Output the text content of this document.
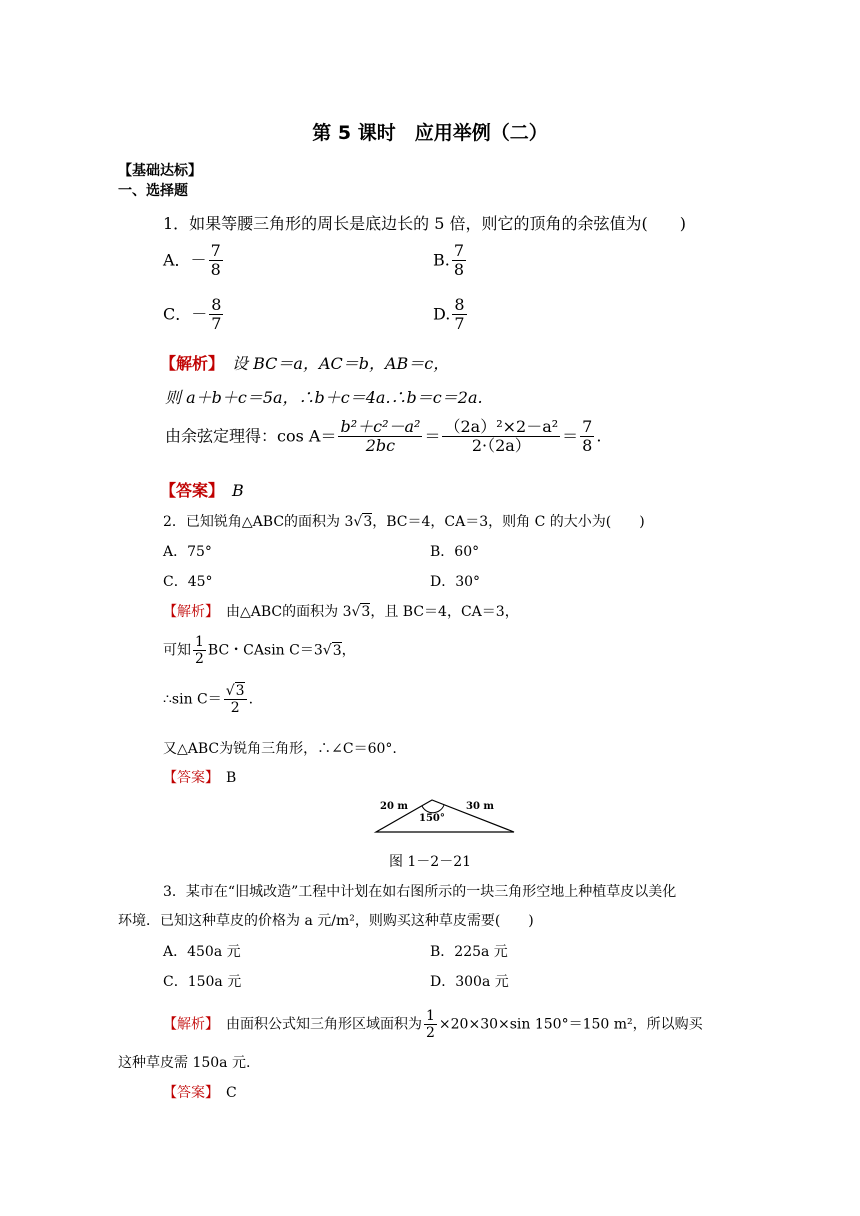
第 5 课时　应用举例（二）
【基础达标】
一、选择题
1．如果等腰三角形的周长是底边长的 5 倍，则它的顶角的余弦值为(　　)
A．－ $\frac{7}{8}$	B. $\frac{7}{8}$
C．－ $\frac{8}{7}$	D. $\frac{8}{7}$
【解析】　 设 BC＝a，AC＝b，AB＝c，
则 a＋b＋c＝5a，∴b＋c＝4a.∴b＝c＝2a.
由余弦定理得：$\cos A= \frac{\text{b²＋c²－a²}}{2bc} = \frac{\text{（2a）²×2－a²}}{2\cdot(2a)} = \frac{7}{8}$ .
【答案】　 B
2．已知锐角△ABC的面积为 3√3，BC＝4，CA＝3，则角 C 的大小为(　　)
A．75°	B．60°
C．45°	D．30°
【解析】　 由△ABC的面积为 3√3，且 BC＝4，CA＝3，
可知 $\frac{1}{2}$ BC・CAsin C＝3√3，
∴sin $C= \frac{√3}{2}$ .
又△ABC为锐角三角形，∴∠C＝60°.
【答案】　 B
20 m
150°
30 m
图 1－2－21
3．某市在“旧城改造”工程中计划在如右图所示的一块三角形空地上种植草皮以美化
环境．已知这种草皮的价格为 a 元/m²，则购买这种草皮需要(　　)
A．450a 元	B．225a 元
C．150a 元	D．300a 元
【解析】　 由面积公式知三角形区域面积为 $\frac{1}{2} \times 20\times 30\times\sin$ 150°＝150 m²，所以购买
这种草皮需 150a 元.
【答案】　 C
